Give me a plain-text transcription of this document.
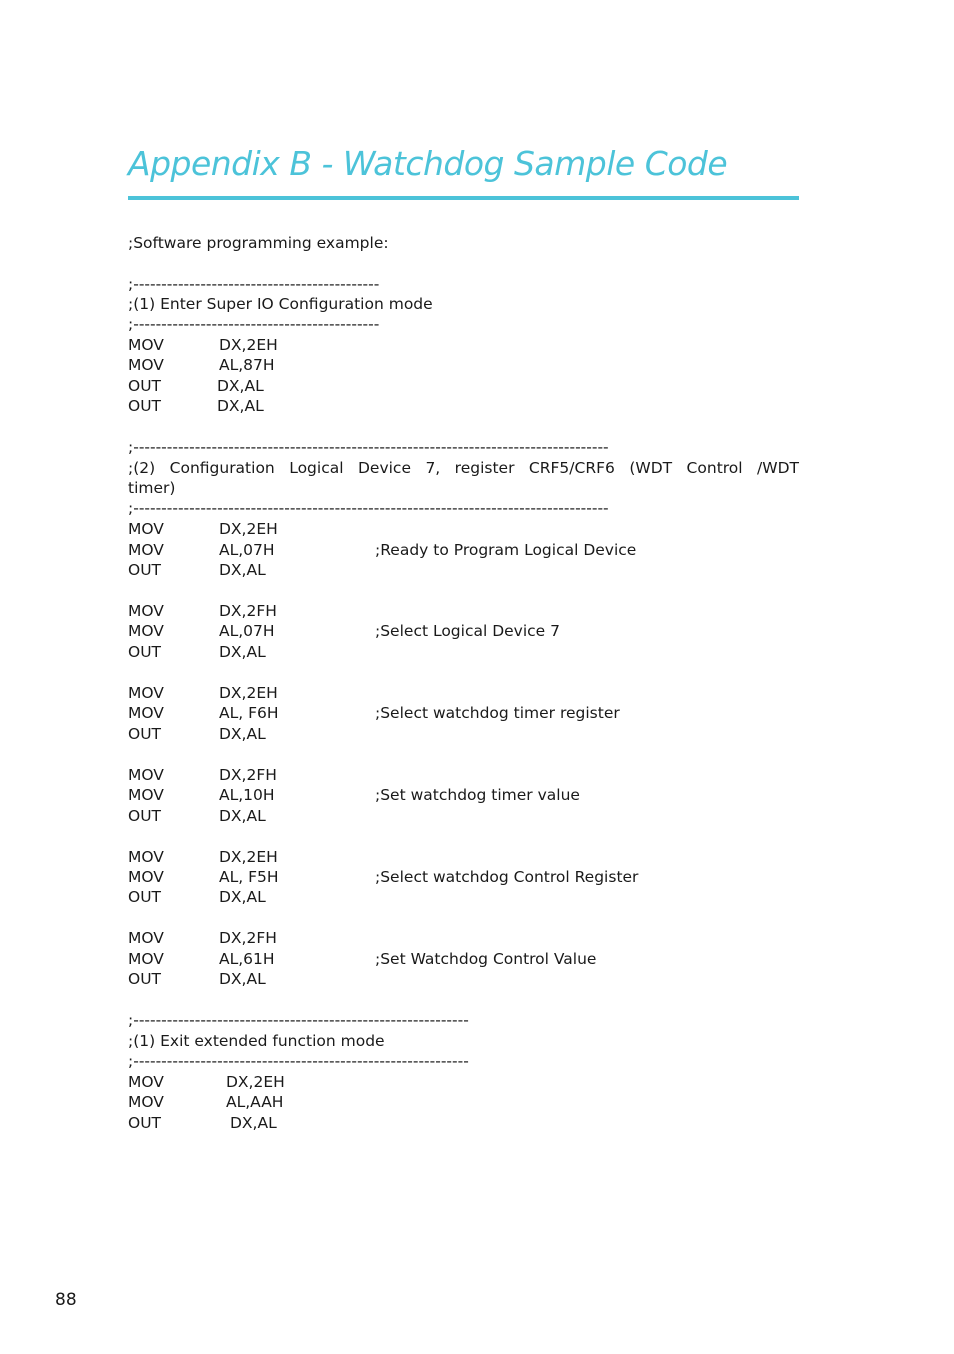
Appendix B - Watchdog Sample Code
;Software programming example:
;--------------------------------------------
;(1) Enter Super IO Configuration mode
;--------------------------------------------
MOV	DX,2EH
MOV	AL,87H
OUT	DX,AL
OUT	DX,AL
;-------------------------------------------------------------------------------------
;(2) Configuration Logical Device 7, register CRF5/CRF6 (WDT Control /WDT
timer)
;-------------------------------------------------------------------------------------
MOV	DX,2EH
MOV	AL,07H	;Ready to Program Logical Device
OUT	DX,AL
MOV	DX,2FH
MOV	AL,07H	;Select Logical Device 7
OUT	DX,AL
MOV	DX,2EH
MOV	AL, F6H	;Select watchdog timer register
OUT	DX,AL
MOV	DX,2FH
MOV	AL,10H	;Set watchdog timer value
OUT	DX,AL
MOV	DX,2EH
MOV	AL, F5H	;Select watchdog Control Register
OUT	DX,AL
MOV	DX,2FH
MOV	AL,61H	;Set Watchdog Control Value
OUT	DX,AL
;------------------------------------------------------------
;(1) Exit extended function mode
;------------------------------------------------------------
MOV	DX,2EH
MOV	AL,AAH
OUT	DX,AL
88
